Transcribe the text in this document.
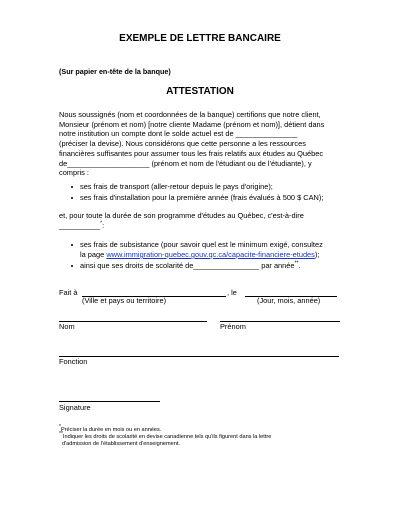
EXEMPLE DE LETTRE BANCAIRE
(Sur papier en-tête de la banque)
ATTESTATION
Nous soussignés (nom et coordonnées de la banque) certifions que notre client,
Monsieur (prénom et nom) [notre cliente Madame (prénom et nom)], détient dans
notre institution un compte dont le solde actuel est de _______________
(préciser la devise). Nous considérons que cette personne a les ressources
financières suffisantes pour assumer tous les frais relatifs aux études au Québec
de____________________ (prénom et nom de l'étudiant ou de l'étudiante), y
compris :
ses frais de transport (aller-retour depuis le pays d'origine);
ses frais d'installation pour la première année (frais évalués à 500 $ CAN);
et, pour toute la durée de son programme d'études au Québec, c'est-à-dire
__________*:
ses frais de subsistance (pour savoir quel est le minimum exigé, consultez
la page www.immigration-quebec.gouv.qc.ca/capacite-financiere-etudes);
ainsi que ses droits de scolarité de________________ par année**.
Fait à	, le
(Ville et pays ou territoire)	(Jour, mois, année)
Nom	Prénom
Fonction
Signature
*Préciser la durée en mois ou en années.
**Indiquer les droits de scolarité en devise canadienne tels qu'ils figurent dans la lettre
d'admission de l'établissement d'enseignement.
